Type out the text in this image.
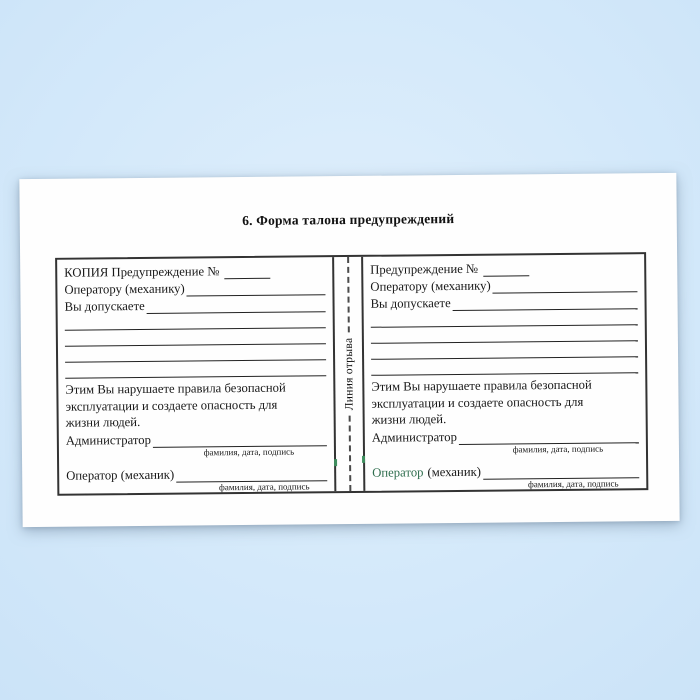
6. Форма талона предупреждений
КОПИЯ Предупреждение №
Оператору (механику)
Вы допускаете
Этим Вы нарушаете правила безопасной
эксплуатации и создаете опасность для
жизни людей.
Администратор
фамилия, дата, подпись
Оператор (механик)
фамилия, дата, подпись
Линия отрыва
Предупреждение №
Оператору (механику)
Вы допускаете
Этим Вы нарушаете правила безопасной
эксплуатации и создаете опасность для
жизни людей.
Администратор
фамилия, дата, подпись
Оператор (механик)
фамилия, дата, подпись
